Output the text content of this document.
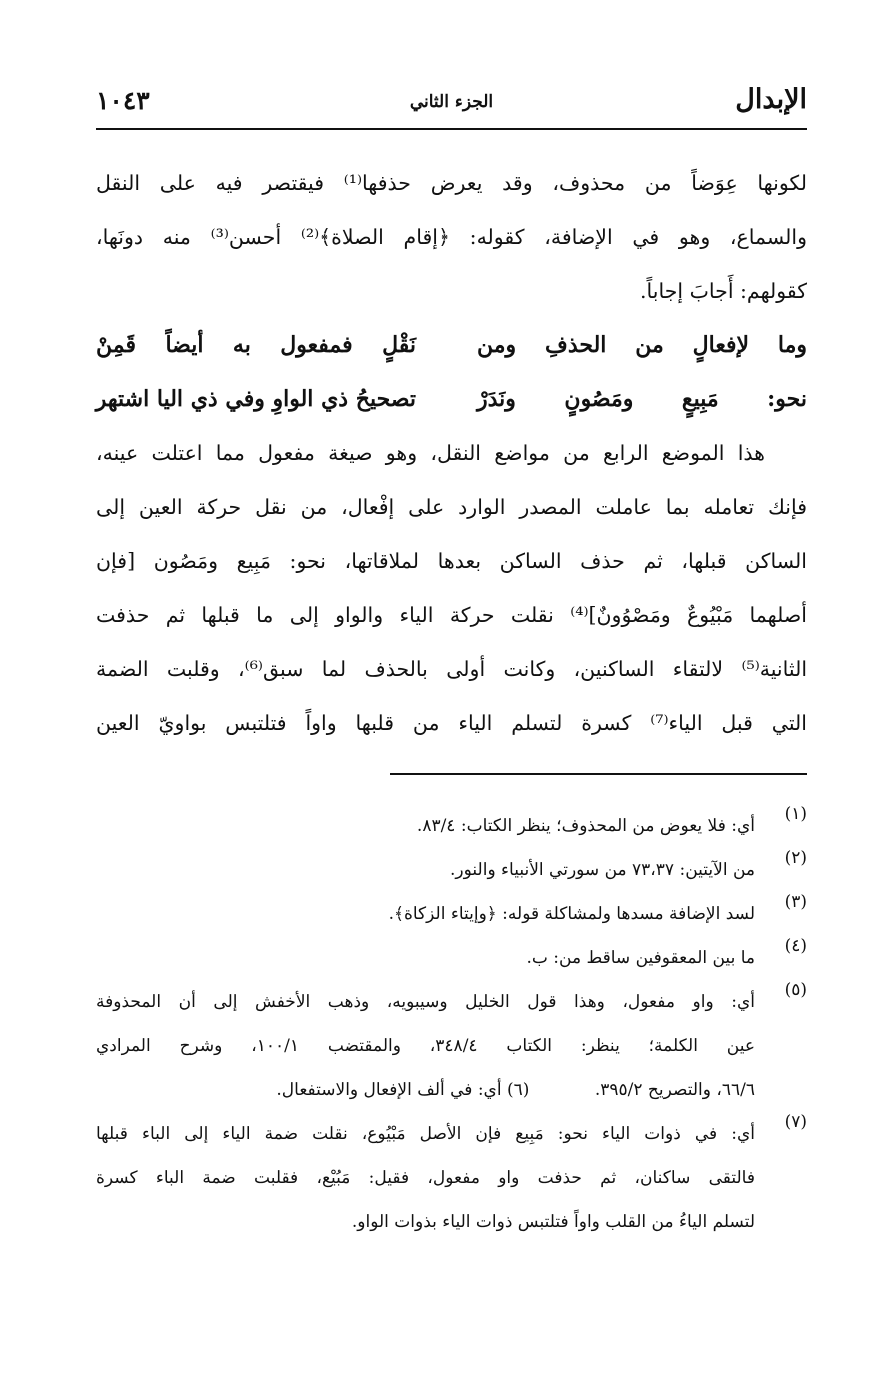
الإبدال
الجزء الثاني
١٠٤٣
لكونها عِوَضاً من محذوف، وقد يعرض حذفها⁽¹⁾ فيقتصر فيه على النقل
والسماع، وهو في الإضافة، كقوله: ﴿إقام الصلاة﴾⁽²⁾ أحسن⁽³⁾ منه دونَها،
كقولهم: أَجابَ إجاباً.
وما لإفعالٍ من الحذفِ ومن
نَقْلٍ فمفعول به أيضاً قَمِنْ
نحو: مَبِيعٍ ومَصُونٍ ونَدَرْ
تصحيحُ ذي الواوِ وفي ذي اليا اشتهر
هذا الموضع الرابع من مواضع النقل، وهو صيغة مفعول مما اعتلت عينه،
فإنك تعامله بما عاملت المصدر الوارد على إفْعال، من نقل حركة العين إلى
الساكن قبلها، ثم حذف الساكن بعدها لملاقاتها، نحو: مَبِيع ومَصُون [فإن
أصلهما مَبْيُوعٌ ومَصْوُونٌ]⁽⁴⁾ نقلت حركة الياء والواو إلى ما قبلها ثم حذفت
الثانية⁽⁵⁾ لالتقاء الساكنين، وكانت أولى بالحذف لما سبق⁽⁶⁾، وقلبت الضمة
التي قبل الياء⁽⁷⁾ كسرة لتسلم الياء من قلبها واواً فتلتبس بواويّ العين
(١)
أي: فلا يعوض من المحذوف؛ ينظر الكتاب: ٨٣/٤.
(٢)
من الآيتين: ٧٣،٣٧ من سورتي الأنبياء والنور.
(٣)
لسد الإضافة مسدها ولمشاكلة قوله: ﴿وإيتاء الزكاة﴾.
(٤)
ما بين المعقوفين ساقط من: ب.
(٥)
أي: واو مفعول، وهذا قول الخليل وسيبويه، وذهب الأخفش إلى أن المحذوفة
عين الكلمة؛ ينظر: الكتاب ٣٤٨/٤، والمقتضب ١٠٠/١، وشرح المرادي
٦٦/٦، والتصريح ٣٩٥/٢. (٦) أي: في ألف الإفعال والاستفعال.
(٧)
أي: في ذوات الياء نحو: مَبِيع فإن الأصل مَبْيُوع، نقلت ضمة الياء إلى الباء قبلها
فالتقى ساكنان، ثم حذفت واو مفعول، فقيل: مَبُيْع، فقلبت ضمة الباء كسرة
لتسلم الياءُ من القلب واواً فتلتبس ذوات الياء بذوات الواو.
